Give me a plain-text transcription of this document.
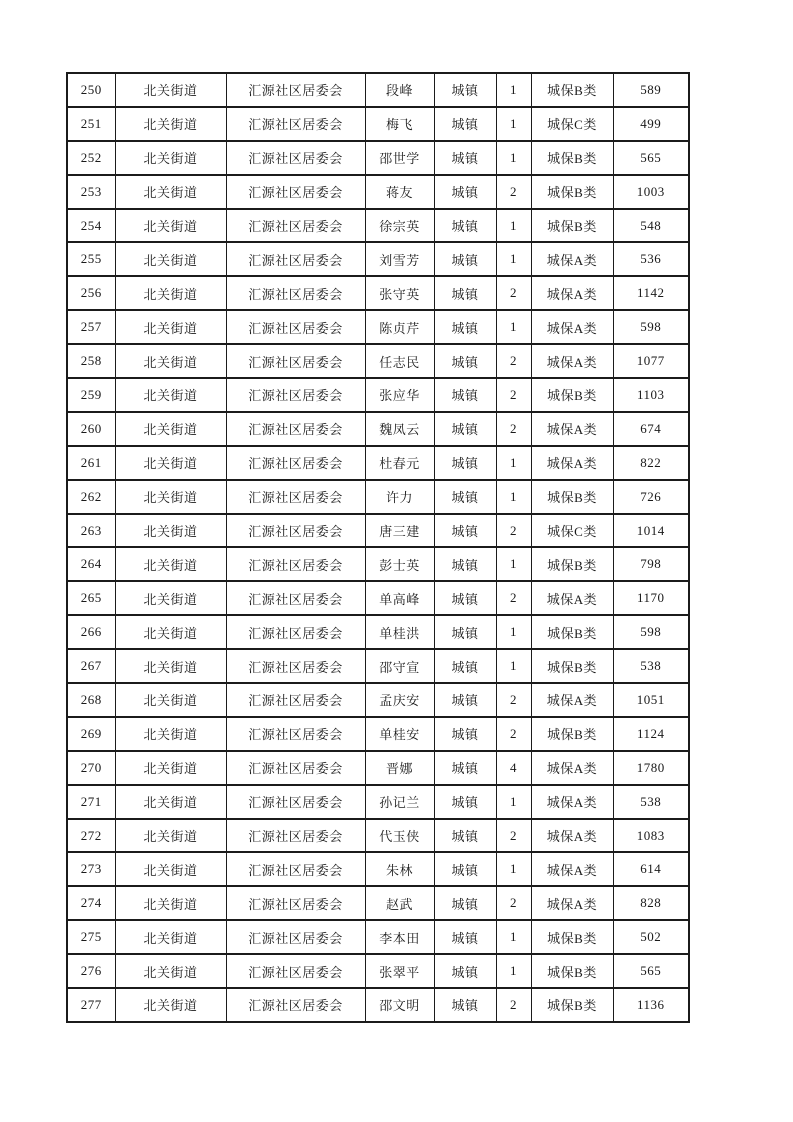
250	北关街道	汇源社区居委会	段峰	城镇	1	城保B类	589
251	北关街道	汇源社区居委会	梅飞	城镇	1	城保C类	499
252	北关街道	汇源社区居委会	邵世学	城镇	1	城保B类	565
253	北关街道	汇源社区居委会	蒋友	城镇	2	城保B类	1003
254	北关街道	汇源社区居委会	徐宗英	城镇	1	城保B类	548
255	北关街道	汇源社区居委会	刘雪芳	城镇	1	城保A类	536
256	北关街道	汇源社区居委会	张守英	城镇	2	城保A类	1142
257	北关街道	汇源社区居委会	陈贞芹	城镇	1	城保A类	598
258	北关街道	汇源社区居委会	任志民	城镇	2	城保A类	1077
259	北关街道	汇源社区居委会	张应华	城镇	2	城保B类	1103
260	北关街道	汇源社区居委会	魏凤云	城镇	2	城保A类	674
261	北关街道	汇源社区居委会	杜春元	城镇	1	城保A类	822
262	北关街道	汇源社区居委会	许力	城镇	1	城保B类	726
263	北关街道	汇源社区居委会	唐三建	城镇	2	城保C类	1014
264	北关街道	汇源社区居委会	彭士英	城镇	1	城保B类	798
265	北关街道	汇源社区居委会	单高峰	城镇	2	城保A类	1170
266	北关街道	汇源社区居委会	单桂洪	城镇	1	城保B类	598
267	北关街道	汇源社区居委会	邵守宣	城镇	1	城保B类	538
268	北关街道	汇源社区居委会	孟庆安	城镇	2	城保A类	1051
269	北关街道	汇源社区居委会	单桂安	城镇	2	城保B类	1124
270	北关街道	汇源社区居委会	晋娜	城镇	4	城保A类	1780
271	北关街道	汇源社区居委会	孙记兰	城镇	1	城保A类	538
272	北关街道	汇源社区居委会	代玉侠	城镇	2	城保A类	1083
273	北关街道	汇源社区居委会	朱林	城镇	1	城保A类	614
274	北关街道	汇源社区居委会	赵武	城镇	2	城保A类	828
275	北关街道	汇源社区居委会	李本田	城镇	1	城保B类	502
276	北关街道	汇源社区居委会	张翠平	城镇	1	城保B类	565
277	北关街道	汇源社区居委会	邵文明	城镇	2	城保B类	1136
